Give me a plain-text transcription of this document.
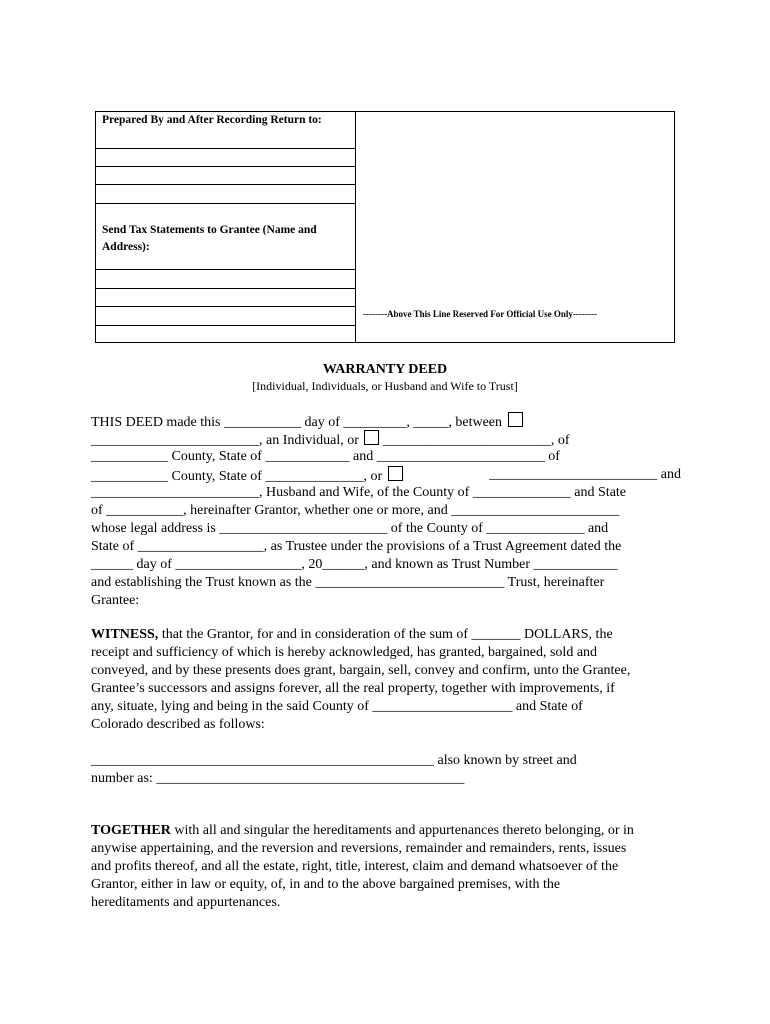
Prepared By and After Recording Return to:
Send Tax Statements to Grantee (Name and Address):
--------Above This Line Reserved For Official Use Only--------
WARRANTY DEED
[Individual, Individuals, or Husband and Wife to Trust]
THIS DEED made this ___________ day of _________, _____, between
________________________, an Individual, or ________________________, of
___________ County, State of ____________ and ________________________ of
___________ County, State of ______________, or	________________________ and
________________________, Husband and Wife, of the County of ______________ and State
of ___________, hereinafter Grantor, whether one or more, and ________________________
whose legal address is ________________________ of the County of ______________ and
State of __________________, as Trustee under the provisions of a Trust Agreement dated the
______ day of __________________, 20______, and known as Trust Number ____________
and establishing the Trust known as the ___________________________ Trust, hereinafter
Grantee:
WITNESS, that the Grantor, for and in consideration of the sum of _______ DOLLARS, the
receipt and sufficiency of which is hereby acknowledged, has granted, bargained, sold and
conveyed, and by these presents does grant, bargain, sell, convey and confirm, unto the Grantee,
Grantee’s successors and assigns forever, all the real property, together with improvements, if
any, situate, lying and being in the said County of ____________________ and State of
Colorado described as follows:
_________________________________________________ also known by street and
number as: ____________________________________________
TOGETHER with all and singular the hereditaments and appurtenances thereto belonging, or in
anywise appertaining, and the reversion and reversions, remainder and remainders, rents, issues
and profits thereof, and all the estate, right, title, interest, claim and demand whatsoever of the
Grantor, either in law or equity, of, in and to the above bargained premises, with the
hereditaments and appurtenances.
